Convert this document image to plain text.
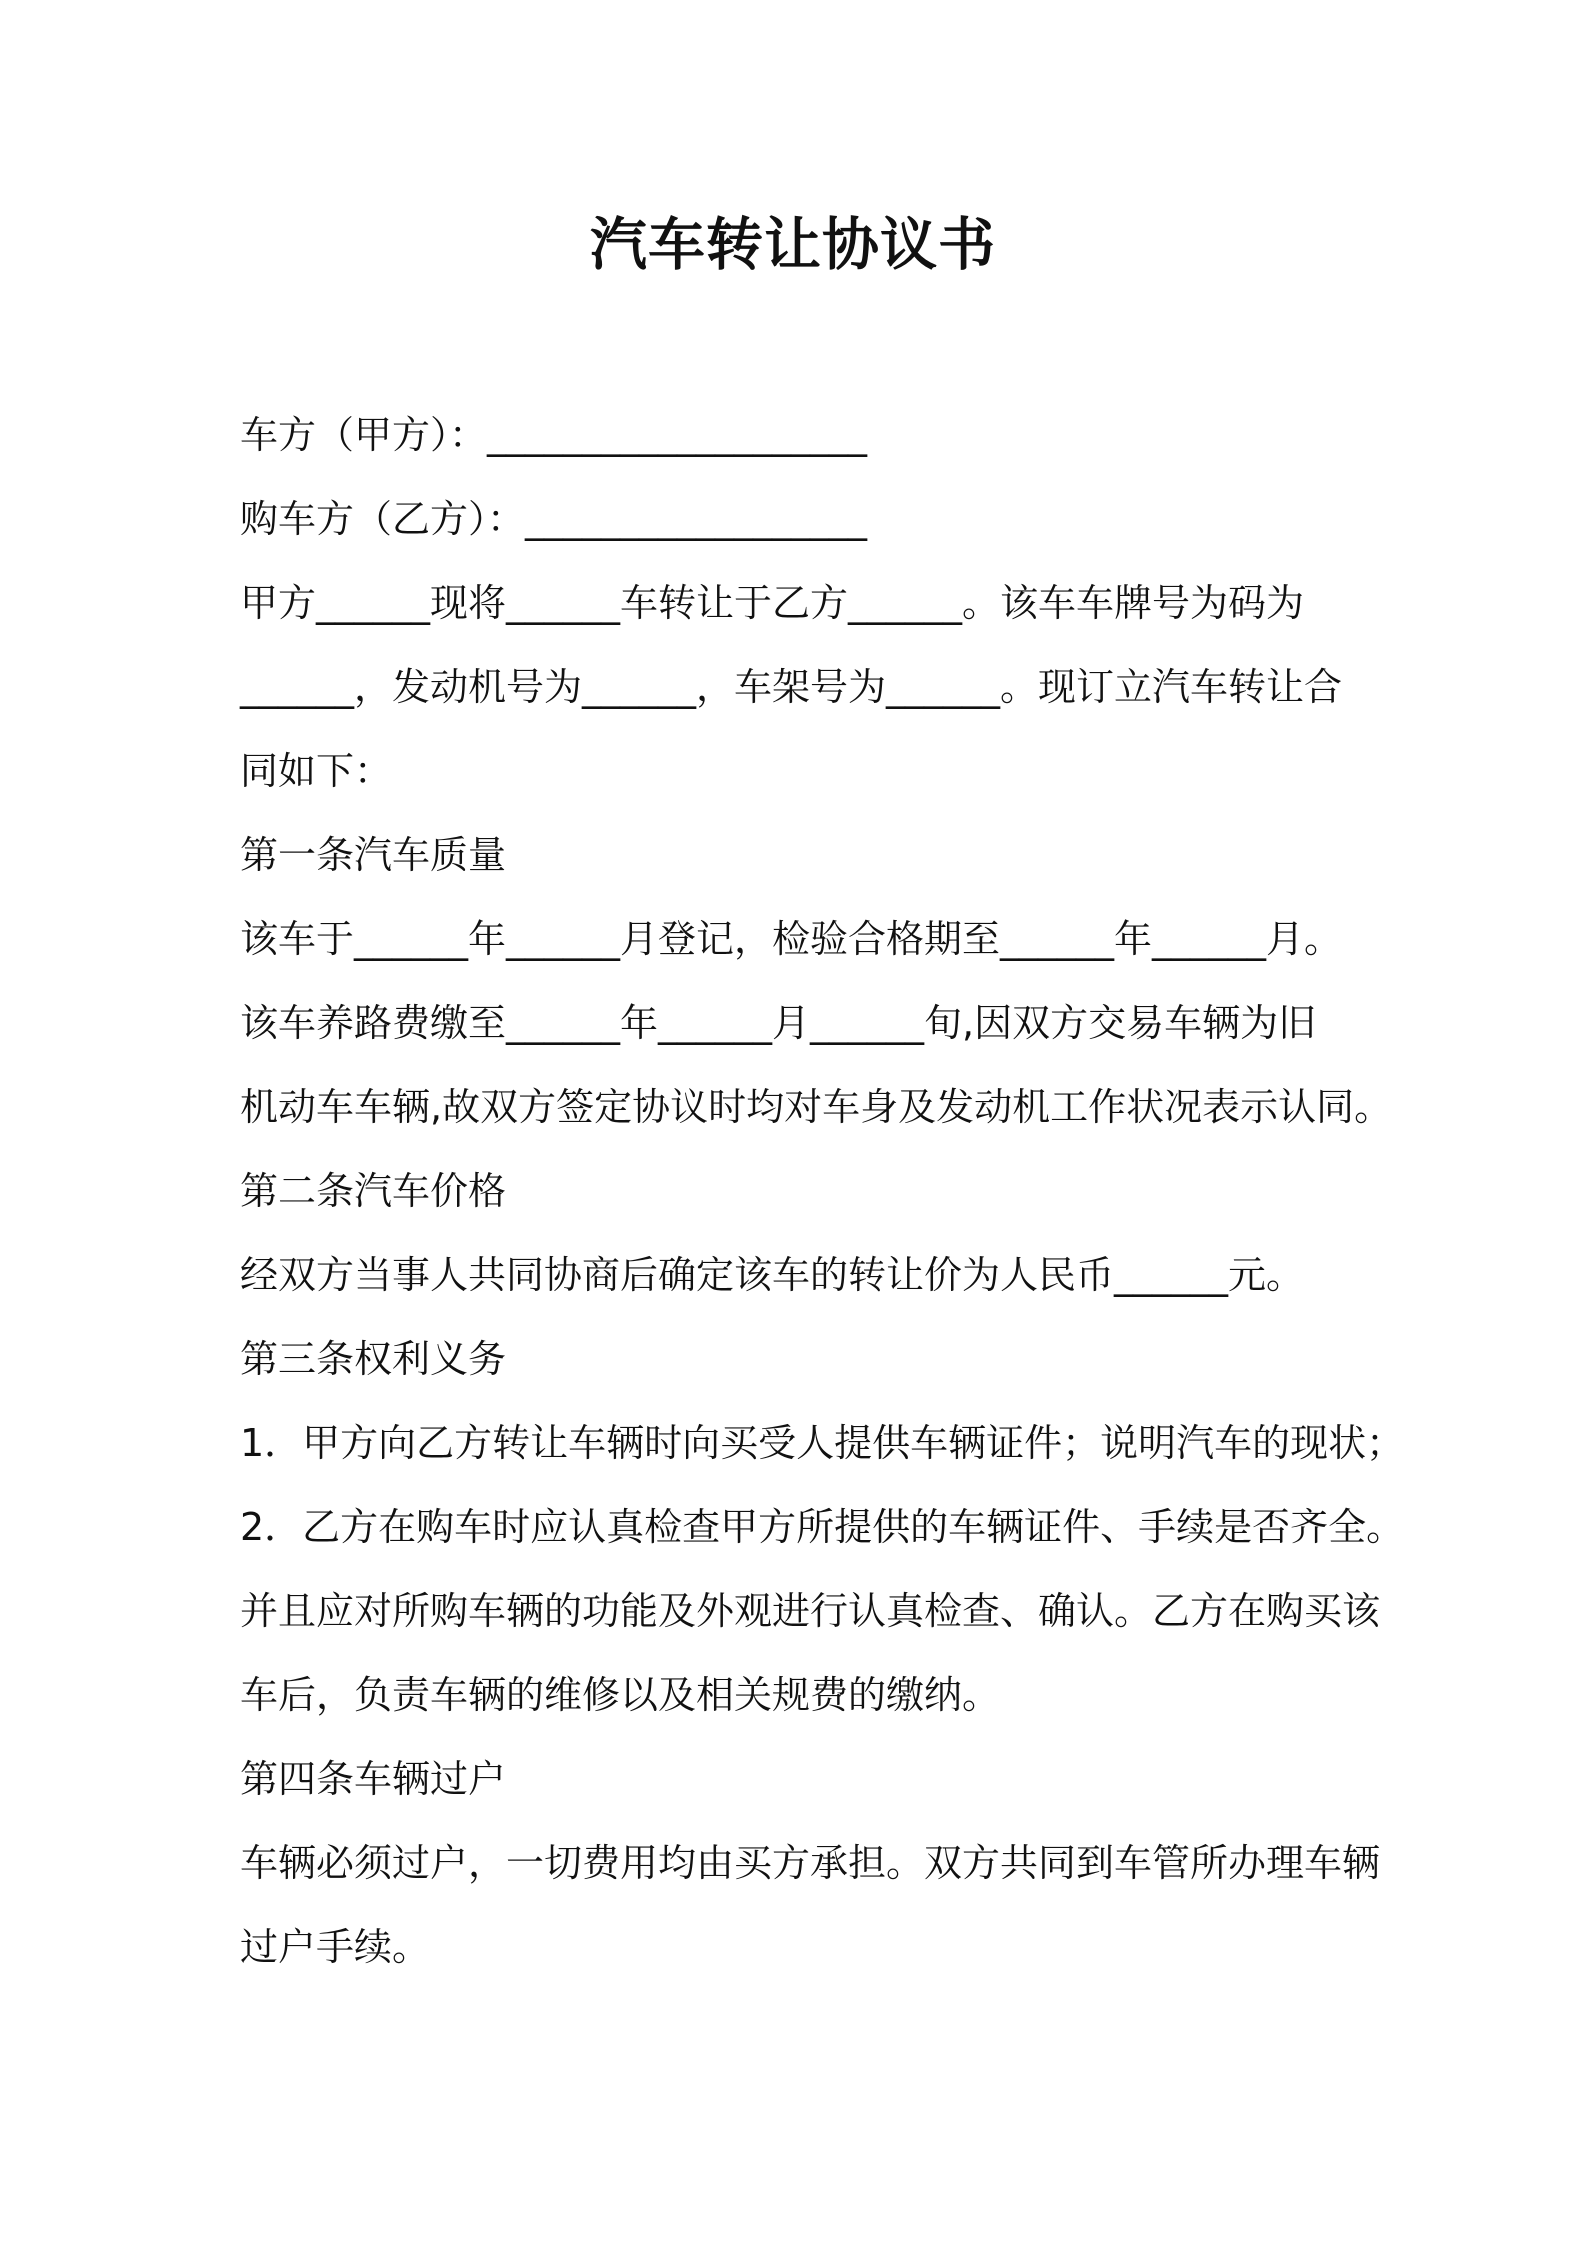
汽车转让协议书
车方（甲方）：____________________
购车方（乙方）：__________________
甲方______现将______车转让于乙方______。该车车牌号为码为
______，发动机号为______，车架号为______。现订立汽车转让合
同如下：
第一条汽车质量
该车于______年______月登记，检验合格期至______年______月。
该车养路费缴至______年______月______旬,因双方交易车辆为旧
机动车车辆,故双方签定协议时均对车身及发动机工作状况表示认同。
第二条汽车价格
经双方当事人共同协商后确定该车的转让价为人民币______元。
第三条权利义务
1．甲方向乙方转让车辆时向买受人提供车辆证件；说明汽车的现状；
2．乙方在购车时应认真检查甲方所提供的车辆证件、手续是否齐全。
并且应对所购车辆的功能及外观进行认真检查、确认。乙方在购买该
车后，负责车辆的维修以及相关规费的缴纳。
第四条车辆过户
车辆必须过户，一切费用均由买方承担。双方共同到车管所办理车辆
过户手续。
